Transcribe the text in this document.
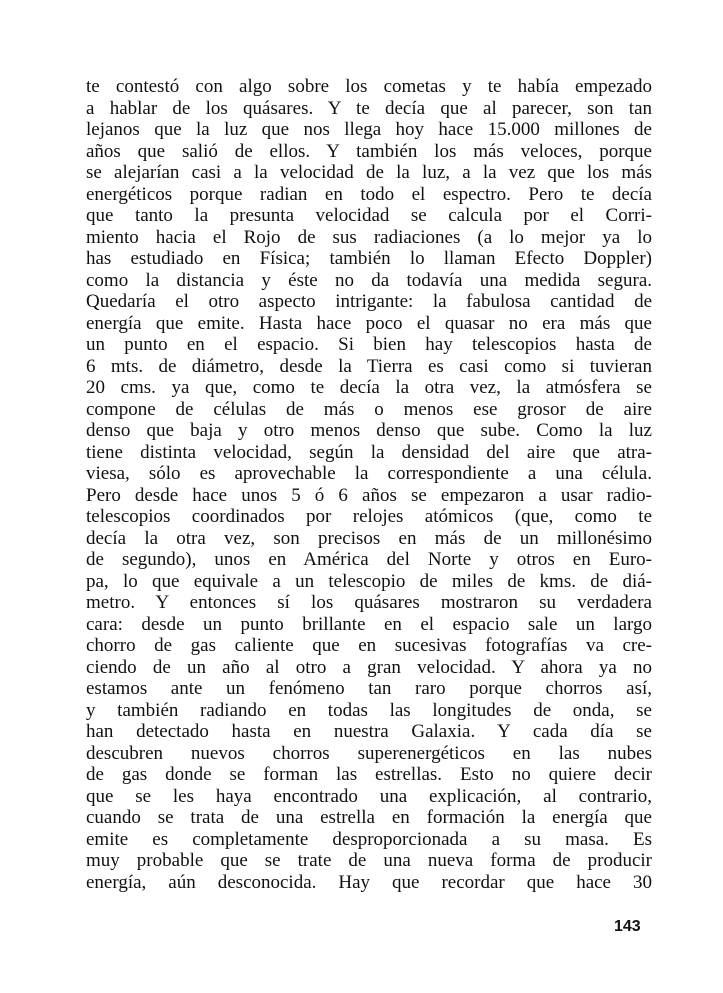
te contestó con algo sobre los cometas y te había empezado
a hablar de los quásares. Y te decía que al parecer, son tan
lejanos que la luz que nos llega hoy hace 15.000 millones de
años que salió de ellos. Y también los más veloces, porque
se alejarían casi a la velocidad de la luz, a la vez que los más
energéticos porque radian en todo el espectro. Pero te decía
que tanto la presunta velocidad se calcula por el Corri-
miento hacia el Rojo de sus radiaciones (a lo mejor ya lo
has estudiado en Física; también lo llaman Efecto Doppler)
como la distancia y éste no da todavía una medida segura.
Quedaría el otro aspecto intrigante: la fabulosa cantidad de
energía que emite. Hasta hace poco el quasar no era más que
un punto en el espacio. Si bien hay telescopios hasta de
6 mts. de diámetro, desde la Tierra es casi como si tuvieran
20 cms. ya que, como te decía la otra vez, la atmósfera se
compone de células de más o menos ese grosor de aire
denso que baja y otro menos denso que sube. Como la luz
tiene distinta velocidad, según la densidad del aire que atra-
viesa, sólo es aprovechable la correspondiente a una célula.
Pero desde hace unos 5 ó 6 años se empezaron a usar radio-
telescopios coordinados por relojes atómicos (que, como te
decía la otra vez, son precisos en más de un millonésimo
de segundo), unos en América del Norte y otros en Euro-
pa, lo que equivale a un telescopio de miles de kms. de diá-
metro. Y entonces sí los quásares mostraron su verdadera
cara: desde un punto brillante en el espacio sale un largo
chorro de gas caliente que en sucesivas fotografías va cre-
ciendo de un año al otro a gran velocidad. Y ahora ya no
estamos ante un fenómeno tan raro porque chorros así,
y también radiando en todas las longitudes de onda, se
han detectado hasta en nuestra Galaxia. Y cada día se
descubren nuevos chorros superenergéticos en las nubes
de gas donde se forman las estrellas. Esto no quiere decir
que se les haya encontrado una explicación, al contrario,
cuando se trata de una estrella en formación la energía que
emite es completamente desproporcionada a su masa. Es
muy probable que se trate de una nueva forma de producir
energía, aún desconocida. Hay que recordar que hace 30
143
